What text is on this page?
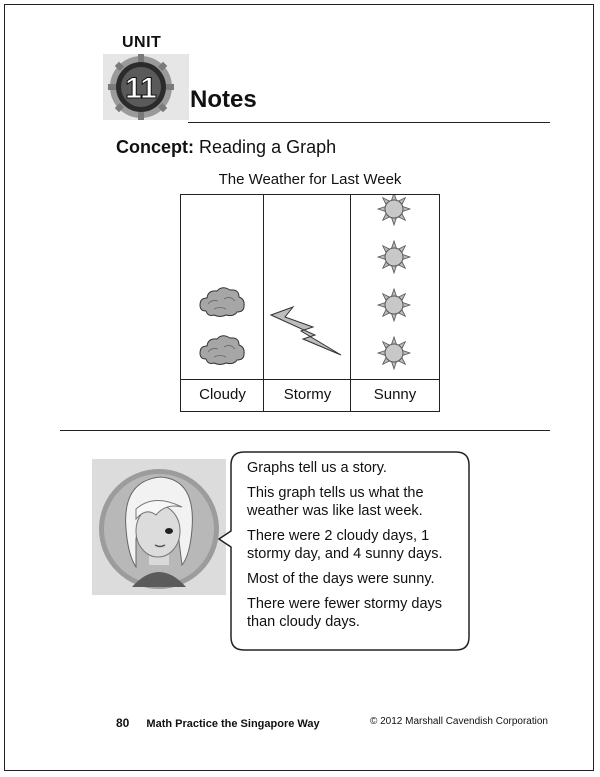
UNIT
11 Notes
Concept: Reading a Graph
The Weather for Last Week
Cloudy	Stormy	Sunny

Graphs tell us a story.

This graph tells us what the weather was like last week.

There were 2 cloudy days, 1 stormy day, and 4 sunny days.

Most of the days were sunny.

There were fewer stormy days than cloudy days.

80 Math Practice the Singapore Way	© 2012 Marshall Cavendish Corporation
